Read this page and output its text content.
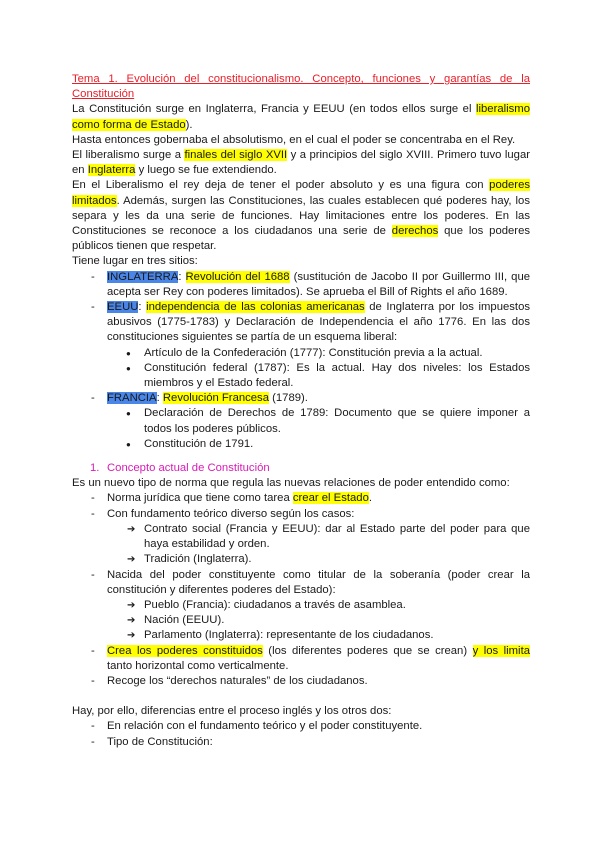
Tema 1. Evolución del constitucionalismo. Concepto, funciones y garantías de la Constitución
La Constitución surge en Inglaterra, Francia y EEUU (en todos ellos surge el liberalismo como forma de Estado).
Hasta entonces gobernaba el absolutismo, en el cual el poder se concentraba en el Rey.
El liberalismo surge a finales del siglo XVII y a principios del siglo XVIII. Primero tuvo lugar en Inglaterra y luego se fue extendiendo.
En el Liberalismo el rey deja de tener el poder absoluto y es una figura con poderes limitados. Además, surgen las Constituciones, las cuales establecen qué poderes hay, los separa y les da una serie de funciones. Hay limitaciones entre los poderes. En las Constituciones se reconoce a los ciudadanos una serie de derechos que los poderes públicos tienen que respetar.
Tiene lugar en tres sitios:
- INGLATERRA: Revolución del 1688 (sustitución de Jacobo II por Guillermo III, que acepta ser Rey con poderes limitados). Se aprueba el Bill of Rights el año 1689.
- EEUU: independencia de las colonias americanas de Inglaterra por los impuestos abusivos (1775-1783) y Declaración de Independencia el año 1776. En las dos constituciones siguientes se partía de un esquema liberal:
● Artículo de la Confederación (1777): Constitución previa a la actual.
● Constitución federal (1787): Es la actual. Hay dos niveles: los Estados miembros y el Estado federal.
- FRANCIA: Revolución Francesa (1789).
● Declaración de Derechos de 1789: Documento que se quiere imponer a todos los poderes públicos.
● Constitución de 1791.
1. Concepto actual de Constitución
Es un nuevo tipo de norma que regula las nuevas relaciones de poder entendido como:
- Norma jurídica que tiene como tarea crear el Estado.
- Con fundamento teórico diverso según los casos:
➔ Contrato social (Francia y EEUU): dar al Estado parte del poder para que haya estabilidad y orden.
➔ Tradición (Inglaterra).
- Nacida del poder constituyente como titular de la soberanía (poder crear la constitución y diferentes poderes del Estado):
➔ Pueblo (Francia): ciudadanos a través de asamblea.
➔ Nación (EEUU).
➔ Parlamento (Inglaterra): representante de los ciudadanos.
- Crea los poderes constituidos (los diferentes poderes que se crean) y los limita tanto horizontal como verticalmente.
- Recoge los “derechos naturales” de los ciudadanos.
Hay, por ello, diferencias entre el proceso inglés y los otros dos:
- En relación con el fundamento teórico y el poder constituyente.
- Tipo de Constitución:
